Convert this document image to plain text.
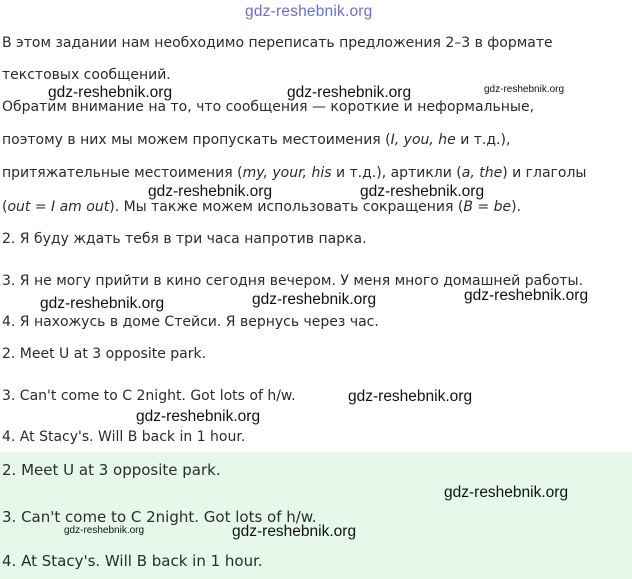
gdz-reshebnik.org
В этом задании нам необходимо переписать предложения 2–3 в формате
текстовых сообщений.
Обратим внимание на то, что сообщения — короткие и неформальные,
поэтому в них мы можем пропускать местоимения (I, you, he и т.д.),
притяжательные местоимения (my, your, his и т.д.), артикли (a, the) и глаголы
(out = I am out). Мы также можем использовать сокращения (B = be).
2. Я буду ждать тебя в три часа напротив парка.
3. Я не могу прийти в кино сегодня вечером. У меня много домашней работы.
4. Я нахожусь в доме Стейси. Я вернусь через час.
2. Meet U at 3 opposite park.
3. Can't come to C 2night. Got lots of h/w.
4. At Stacy's. Will B back in 1 hour.
2. Meet U at 3 opposite park.
3. Can't come to C 2night. Got lots of h/w.
4. At Stacy's. Will B back in 1 hour.
gdz-reshebnik.org	gdz-reshebnik.org	gdz-reshebnik.org
gdz-reshebnik.org	gdz-reshebnik.org
gdz-reshebnik.org	gdz-reshebnik.org	gdz-reshebnik.org
gdz-reshebnik.org
gdz-reshebnik.org
gdz-reshebnik.org
gdz-reshebnik.org	gdz-reshebnik.org
